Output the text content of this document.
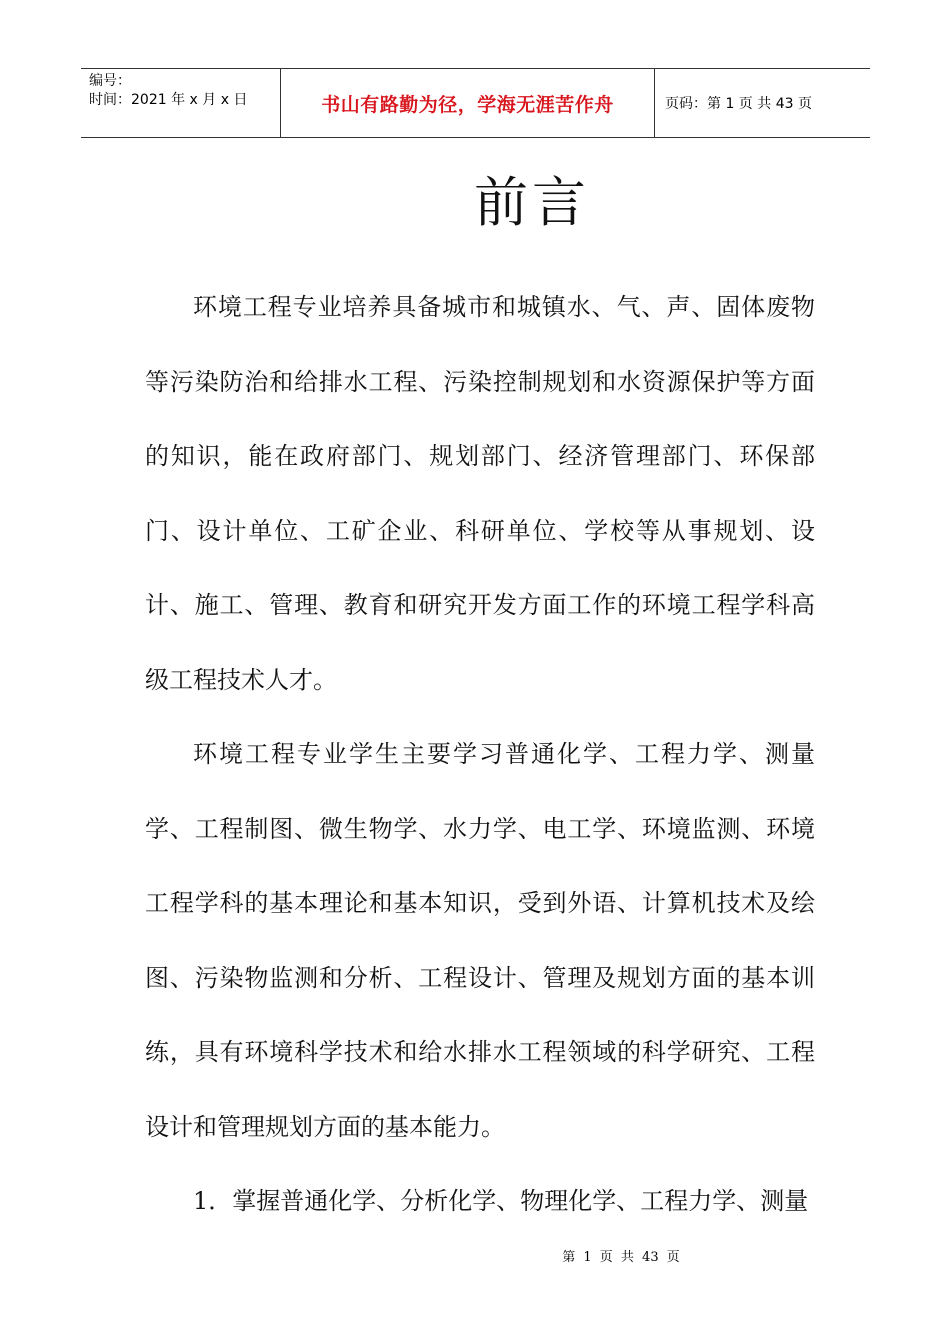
编号：
时间：2021 年 x 月 x 日	书山有路勤为径，学海无涯苦作舟	页码：第 1 页 共 43 页
前言

环境工程专业培养具备城市和城镇水、气、声、固体废物等污染防治和给排水工程、污染控制规划和水资源保护等方面的知识，能在政府部门、规划部门、经济管理部门、环保部门、设计单位、工矿企业、科研单位、学校等从事规划、设计、施工、管理、教育和研究开发方面工作的环境工程学科高级工程技术人才。

环境工程专业学生主要学习普通化学、工程力学、测量学、工程制图、微生物学、水力学、电工学、环境监测、环境工程学科的基本理论和基本知识，受到外语、计算机技术及绘图、污染物监测和分析、工程设计、管理及规划方面的基本训练，具有环境科学技术和给水排水工程领域的科学研究、工程设计和管理规划方面的基本能力。

1．掌握普通化学、分析化学、物理化学、工程力学、测量

第 1 页 共 43 页
